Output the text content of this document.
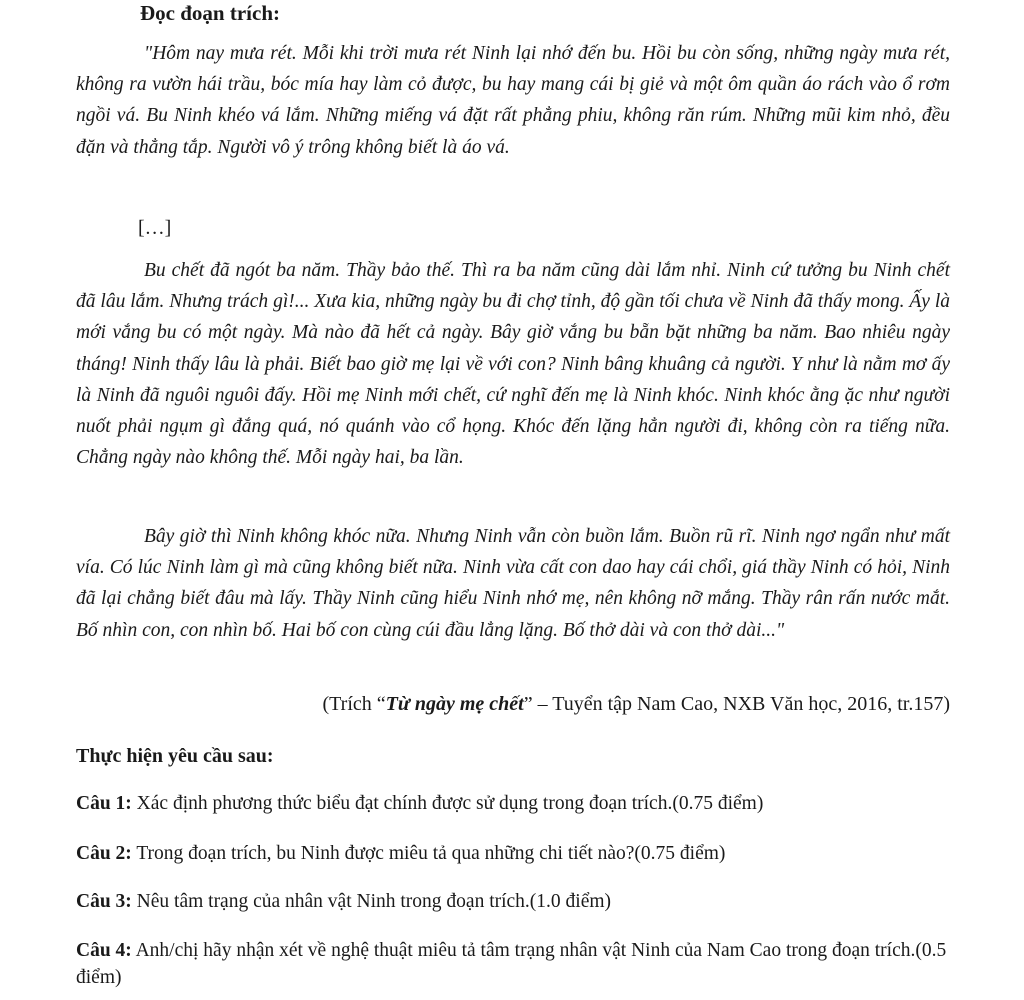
Đọc đoạn trích:

"Hôm nay mưa rét. Mỗi khi trời mưa rét Ninh lại nhớ đến bu. Hồi bu còn sống, những ngày mưa rét, không ra vườn hái trầu, bóc mía hay làm cỏ được, bu hay mang cái bị giẻ và một ôm quần áo rách vào ổ rơm ngồi vá. Bu Ninh khéo vá lắm. Những miếng vá đặt rất phẳng phiu, không răn rúm. Những mũi kim nhỏ, đều đặn và thẳng tắp. Người vô ý trông không biết là áo vá.

[…]

Bu chết đã ngót ba năm. Thầy bảo thế. Thì ra ba năm cũng dài lắm nhỉ. Ninh cứ tưởng bu Ninh chết đã lâu lắm. Nhưng trách gì!... Xưa kia, những ngày bu đi chợ tỉnh, độ gần tối chưa về Ninh đã thấy mong. Ấy là mới vắng bu có một ngày. Mà nào đã hết cả ngày. Bây giờ vắng bu bẵn bặt những ba năm. Bao nhiêu ngày tháng! Ninh thấy lâu là phải. Biết bao giờ mẹ lại về với con? Ninh bâng khuâng cả người. Y như là nằm mơ ấy là Ninh đã nguôi nguôi đấy. Hồi mẹ Ninh mới chết, cứ nghĩ đến mẹ là Ninh khóc. Ninh khóc ằng ặc như người nuốt phải ngụm gì đắng quá, nó quánh vào cổ họng. Khóc đến lặng hẳn người đi, không còn ra tiếng nữa. Chẳng ngày nào không thế. Mỗi ngày hai, ba lần.

Bây giờ thì Ninh không khóc nữa. Nhưng Ninh vẫn còn buồn lắm. Buồn rũ rĩ. Ninh ngơ ngẩn như mất vía. Có lúc Ninh làm gì mà cũng không biết nữa. Ninh vừa cất con dao hay cái chổi, giá thầy Ninh có hỏi, Ninh đã lại chẳng biết đâu mà lấy. Thầy Ninh cũng hiểu Ninh nhớ mẹ, nên không nỡ mắng. Thầy rân rấn nước mắt. Bố nhìn con, con nhìn bố. Hai bố con cùng cúi đầu lẳng lặng. Bố thở dài và con thở dài..."

(Trích “Từ ngày mẹ chết” – Tuyển tập Nam Cao, NXB Văn học, 2016, tr.157)
Thực hiện yêu cầu sau:

Câu 1: Xác định phương thức biểu đạt chính được sử dụng trong đoạn trích.(0.75 điểm)

Câu 2: Trong đoạn trích, bu Ninh được miêu tả qua những chi tiết nào?(0.75 điểm)

Câu 3: Nêu tâm trạng của nhân vật Ninh trong đoạn trích.(1.0 điểm)

Câu 4: Anh/chị hãy nhận xét về nghệ thuật miêu tả tâm trạng nhân vật Ninh của Nam Cao trong đoạn trích.(0.5 điểm)
